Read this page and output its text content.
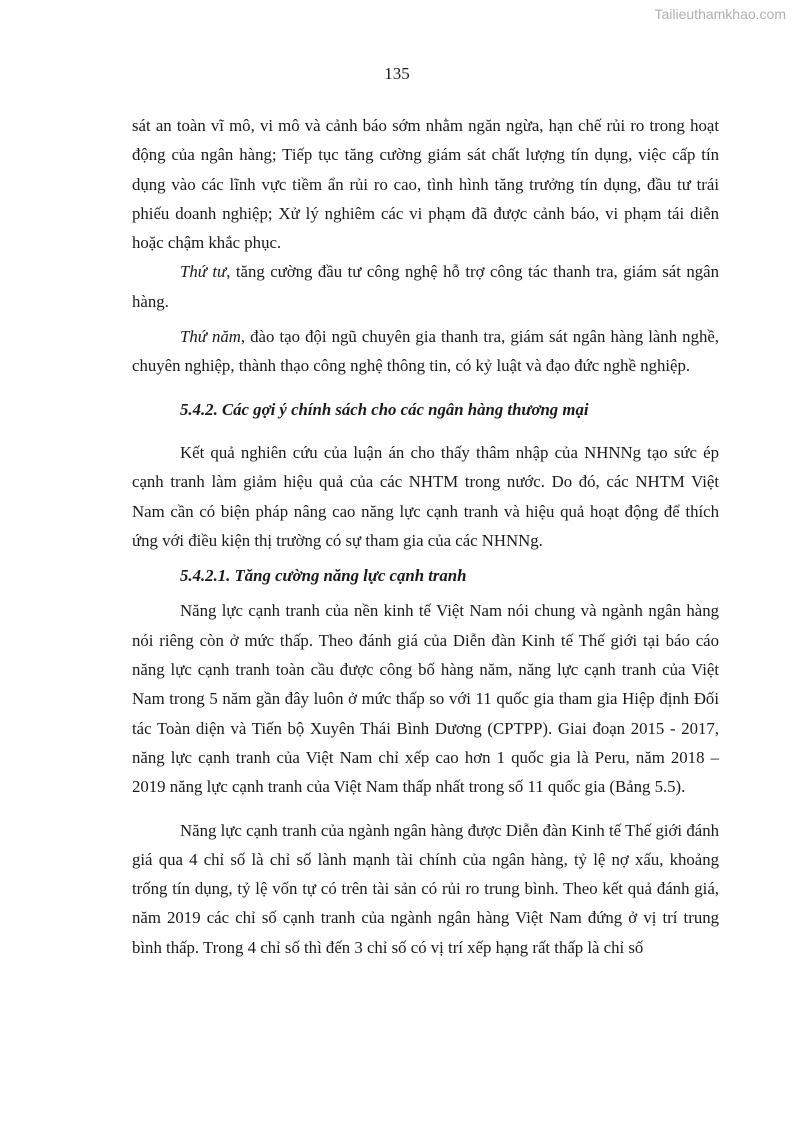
Tailieuthamkhao.com
135

sát an toàn vĩ mô, vi mô và cảnh báo sớm nhằm ngăn ngừa, hạn chế rủi ro trong hoạt động của ngân hàng; Tiếp tục tăng cường giám sát chất lượng tín dụng, việc cấp tín dụng vào các lĩnh vực tiềm ẩn rủi ro cao, tình hình tăng trưởng tín dụng, đầu tư trái phiếu doanh nghiệp; Xử lý nghiêm các vi phạm đã được cảnh báo, vi phạm tái diễn hoặc chậm khắc phục.

Thứ tư, tăng cường đầu tư công nghệ hỗ trợ công tác thanh tra, giám sát ngân hàng.

Thứ năm, đào tạo đội ngũ chuyên gia thanh tra, giám sát ngân hàng lành nghề, chuyên nghiệp, thành thạo công nghệ thông tin, có kỷ luật và đạo đức nghề nghiệp.

5.4.2. Các gợi ý chính sách cho các ngân hàng thương mại

Kết quả nghiên cứu của luận án cho thấy thâm nhập của NHNNg tạo sức ép cạnh tranh làm giảm hiệu quả của các NHTM trong nước. Do đó, các NHTM Việt Nam cần có biện pháp nâng cao năng lực cạnh tranh và hiệu quả hoạt động để thích ứng với điều kiện thị trường có sự tham gia của các NHNNg.

5.4.2.1. Tăng cường năng lực cạnh tranh

Năng lực cạnh tranh của nền kinh tế Việt Nam nói chung và ngành ngân hàng nói riêng còn ở mức thấp. Theo đánh giá của Diễn đàn Kinh tế Thế giới tại báo cáo năng lực cạnh tranh toàn cầu được công bố hàng năm, năng lực cạnh tranh của Việt Nam trong 5 năm gần đây luôn ở mức thấp so với 11 quốc gia tham gia Hiệp định Đối tác Toàn diện và Tiến bộ Xuyên Thái Bình Dương (CPTPP). Giai đoạn 2015 - 2017, năng lực cạnh tranh của Việt Nam chỉ xếp cao hơn 1 quốc gia là Peru, năm 2018 – 2019 năng lực cạnh tranh của Việt Nam thấp nhất trong số 11 quốc gia (Bảng 5.5).

Năng lực cạnh tranh của ngành ngân hàng được Diễn đàn Kinh tế Thế giới đánh giá qua 4 chỉ số là chỉ số lành mạnh tài chính của ngân hàng, tỷ lệ nợ xấu, khoảng trống tín dụng, tỷ lệ vốn tự có trên tài sản có rủi ro trung bình. Theo kết quả đánh giá, năm 2019 các chỉ số cạnh tranh của ngành ngân hàng Việt Nam đứng ở vị trí trung bình thấp. Trong 4 chỉ số thì đến 3 chỉ số có vị trí xếp hạng rất thấp là chỉ số
